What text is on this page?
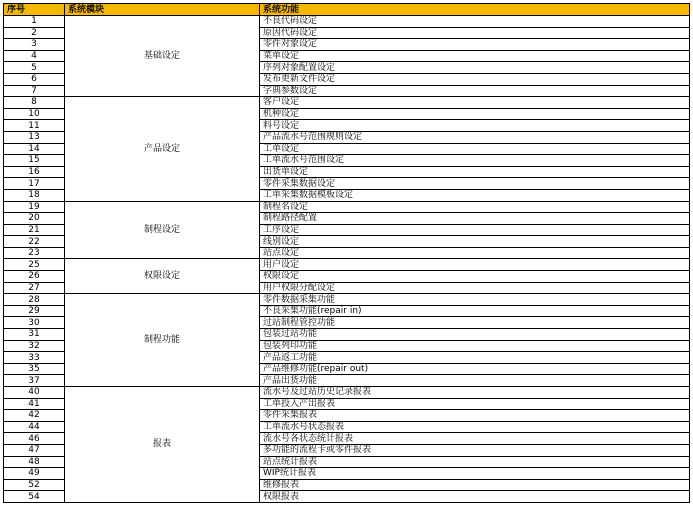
序号	系统模块	系统功能
1	基础设定	不良代码设定
2		原因代码设定
3		零件对象设定
4		菜单设定
5		序列对象配置设定
6		发布更新文件设定
7		字典参数设定
8	产品设定	客户设定
10		机种设定
11		料号设定
13		产品流水号范围规则设定
14		工单设定
15		工单流水号范围设定
16		出货单设定
17		零件采集数据设定
18		工单采集数据模板设定
19	制程设定	制程名设定
20		制程路径配置
21		工序设定
22		线别设定
23		站点设定
25	权限设定	用户设定
26		权限设定
27		用户权限分配设定
28	制程功能	零件数据采集功能
29		不良采集功能(repair in)
30		过站制程管控功能
31		包装过站功能
32		包装列印功能
33		产品返工功能
35		产品维修功能(repair out)
37		产品出货功能
40	报表	流水号及过站历史记录报表
41		工单投入产出报表
42		零件采集报表
44		工单流水号状态报表
46		流水号各状态统计报表
47		多功能的流程卡或零件报表
48		站点统计报表
49		WIP统计报表
52		维修报表
54		权限报表
